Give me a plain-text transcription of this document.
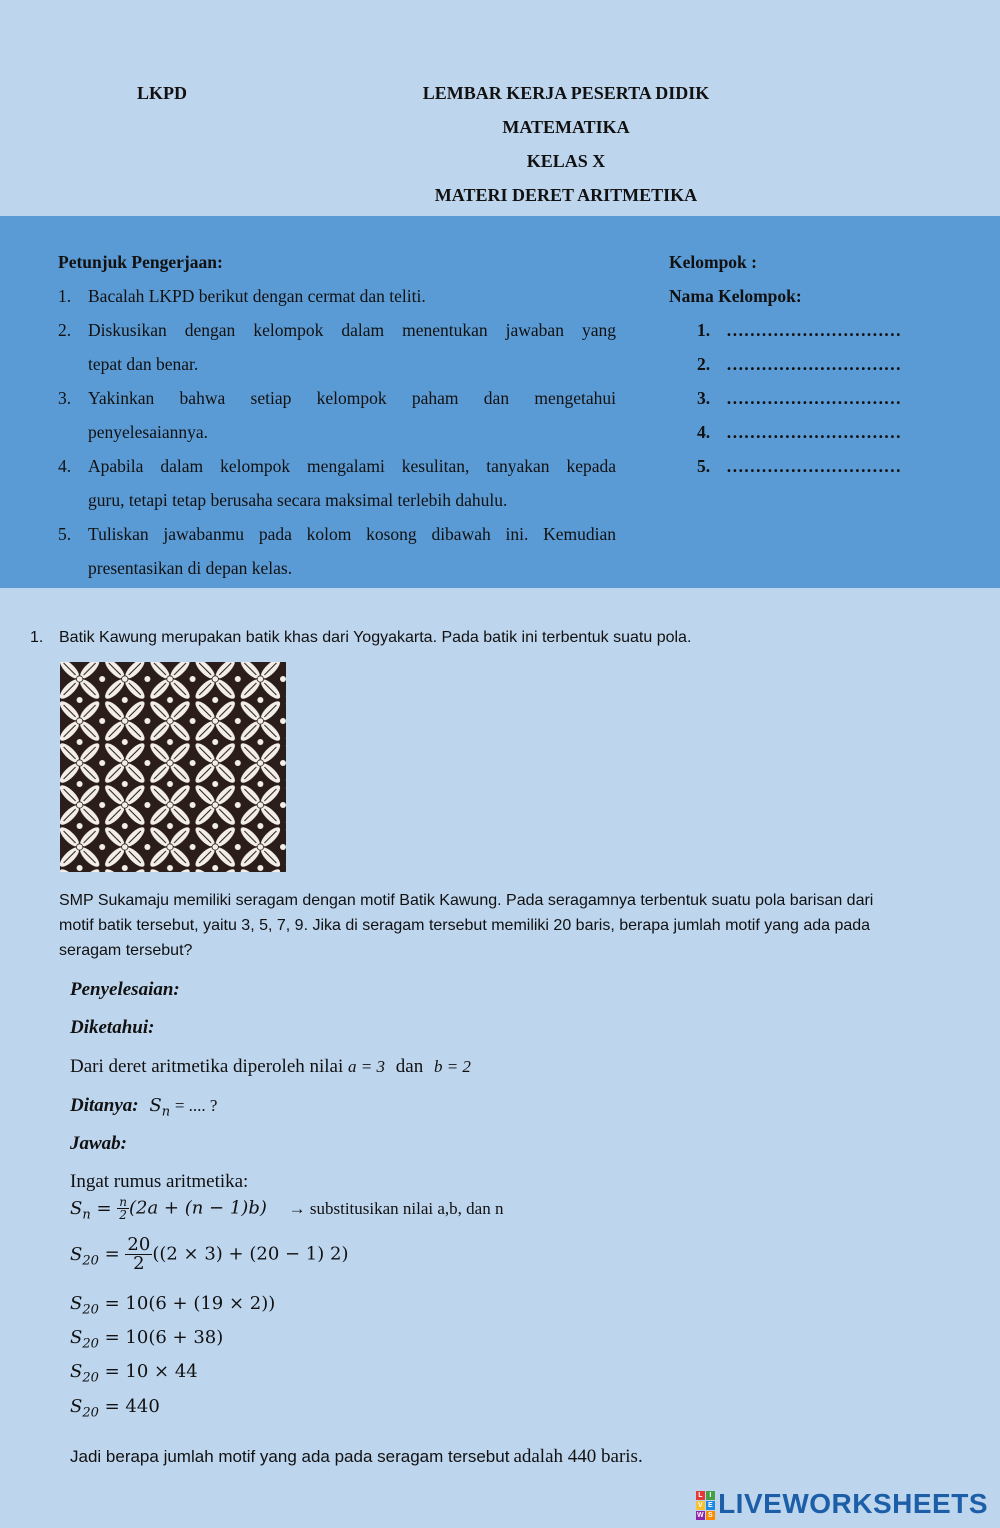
LKPD	LEMBAR KERJA PESERTA DIDIK
MATEMATIKA
KELAS X
MATERI DERET ARITMETIKA
Petunjuk Pengerjaan:
1. Bacalah LKPD berikut dengan cermat dan teliti.
2. Diskusikan dengan kelompok dalam menentukan jawaban yang
tepat dan benar.
3. Yakinkan bahwa setiap kelompok paham dan mengetahui
penyelesaiannya.
4. Apabila dalam kelompok mengalami kesulitan, tanyakan kepada
guru, tetapi tetap berusaha secara maksimal terlebih dahulu.
5. Tuliskan jawabanmu pada kolom kosong dibawah ini. Kemudian
presentasikan di depan kelas.
Kelompok :
Nama Kelompok:
1. …………………………
2. …………………………
3. …………………………
4. …………………………
5. …………………………
1. Batik Kawung merupakan batik khas dari Yogyakarta. Pada batik ini terbentuk suatu pola.
SMP Sukamaju memiliki seragam dengan motif Batik Kawung. Pada seragamnya terbentuk suatu pola barisan dari
motif batik tersebut, yaitu 3, 5, 7, 9. Jika di seragam tersebut memiliki 20 baris, berapa jumlah motif yang ada pada
seragam tersebut?
Penyelesaian:
Diketahui:
Dari deret aritmetika diperoleh nilai a = 3 dan b = 2
Ditanya: $S_n$ = .... ?
Jawab:
Ingat rumus aritmetika:
$S_n = \frac{n}{2} (2a + (n - 1)b)$ → substitusikan nilai a,b, dan n
$S_{20} = \frac{20}{2} ((2 \times 3) + (20 - 1)$ 2)
$S_{20} = 10(6 + (19 \times 2))$
$S_{20} = 10(6 + 38)$
$S_{20} = 10 \times 44$
$S_{20} = 440$
Jadi berapa jumlah motif yang ada pada seragam tersebut adalah 440 baris.
L I
V E
W S LIVEWORKSHEETS
